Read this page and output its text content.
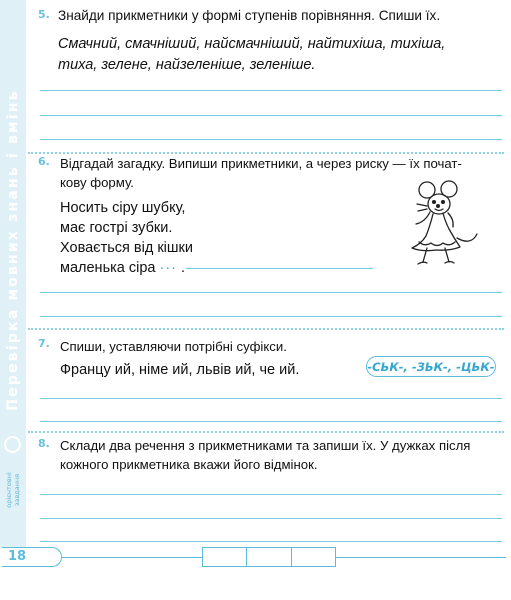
Перевірка мовних знань і вмінь
орієнтовні завдання
5. Знайди прикметники у формі ступенів порівняння. Спиши їх.
Смачний, смачніший, найсмачніший, найтихіша, тихіша,
тиха, зелене, найзеленіше, зеленіше.
6. Відгадай загадку. Випиши прикметники, а через риску — їх почат-
кову форму.
Носить сіру шубку,
має гострі зубки.
Ховається від кішки
маленька сіра ··· .
7. Спиши, уставляючи потрібні суфікси.
Францу ий, німе ий, львів ий, че ий.	-СЬК-, -ЗЬК-, -ЦЬК-
8. Склади два речення з прикметниками та запиши їх. У дужках після
кожного прикметника вкажи його відмінок.
18
